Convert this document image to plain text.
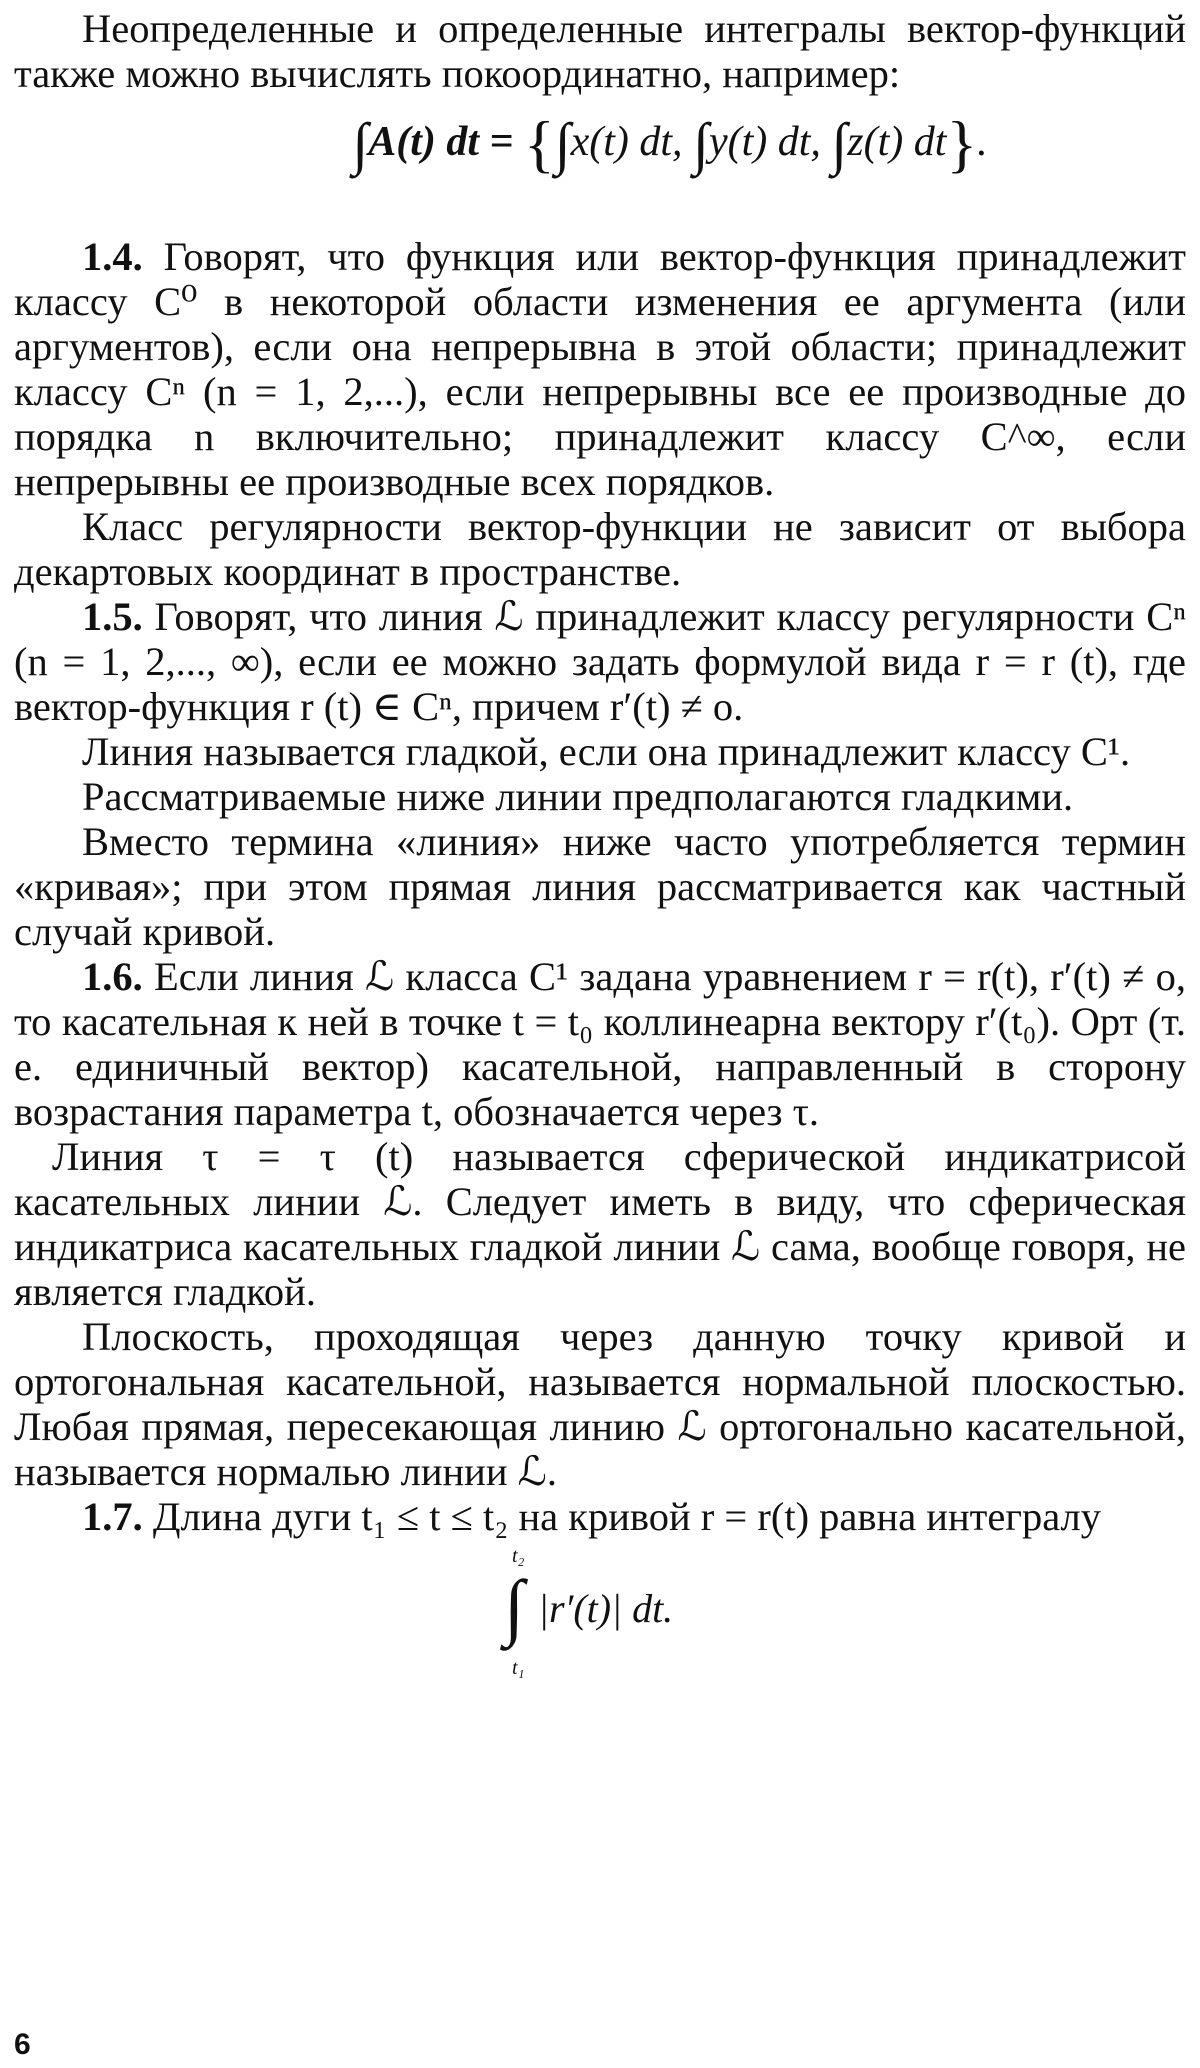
Неопределенные и определенные интегралы вектор-функций также можно вычислять покоординатно, например:

∫A(t) dt = {∫x(t) dt, ∫y(t) dt, ∫z(t) dt}.

1.4. Говорят, что функция или вектор-функция принадлежит классу C⁰ в некоторой области изменения ее аргумента (или аргументов), если она непрерывна в этой области; принадлежит классу Cⁿ (n = 1, 2,...), если непрерывны все ее производные до порядка n включительно; принадлежит классу C^∞, если непрерывны ее производные всех порядков.

Класс регулярности вектор-функции не зависит от выбора декартовых координат в пространстве.

1.5. Говорят, что линия ℒ принадлежит классу регулярности Cⁿ (n = 1, 2,..., ∞), если ее можно задать формулой вида r = r (t), где вектор-функция r (t) ∈ Cⁿ, причем r′(t) ≠ o.

Линия называется гладкой, если она принадлежит классу C¹.

Рассматриваемые ниже линии предполагаются гладкими.

Вместо термина «линия» ниже часто употребляется термин «кривая»; при этом прямая линия рассматривается как частный случай кривой.

1.6. Если линия ℒ класса C¹ задана уравнением r = r(t), r′(t) ≠ o, то касательная к ней в точке t = t₀ коллинеарна вектору r′(t₀). Орт (т. е. единичный вектор) касательной, направленный в сторону возрастания параметра t, обозначается через τ.

Линия τ = τ (t) называется сферической индикатрисой касательных линии ℒ. Следует иметь в виду, что сферическая индикатриса касательных гладкой линии ℒ сама, вообще говоря, не является гладкой.

Плоскость, проходящая через данную точку кривой и ортогональная касательной, называется нормальной плоскостью. Любая прямая, пересекающая линию ℒ ортогонально касательной, называется нормалью линии ℒ.

1.7. Длина дуги t₁ ≤ t ≤ t₂ на кривой r = r(t) равна интегралу

t₂
∫
t₁
|r′(t)| dt.
6
